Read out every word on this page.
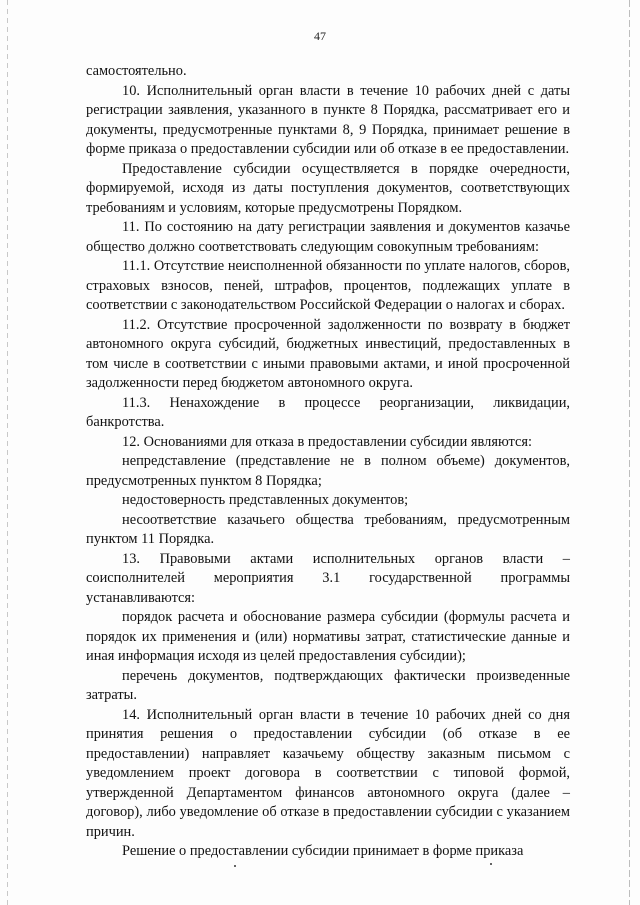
47

самостоятельно.

10. Исполнительный орган власти в течение 10 рабочих дней с даты регистрации заявления, указанного в пункте 8 Порядка, рассматривает его и документы, предусмотренные пунктами 8, 9 Порядка, принимает решение в форме приказа о предоставлении субсидии или об отказе в ее предоставлении.

Предоставление субсидии осуществляется в порядке очередности, формируемой, исходя из даты поступления документов, соответствующих требованиям и условиям, которые предусмотрены Порядком.

11. По состоянию на дату регистрации заявления и документов казачье общество должно соответствовать следующим совокупным требованиям:

11.1. Отсутствие неисполненной обязанности по уплате налогов, сборов, страховых взносов, пеней, штрафов, процентов, подлежащих уплате в соответствии с законодательством Российской Федерации о налогах и сборах.

11.2. Отсутствие просроченной задолженности по возврату в бюджет автономного округа субсидий, бюджетных инвестиций, предоставленных в том числе в соответствии с иными правовыми актами, и иной просроченной задолженности перед бюджетом автономного округа.

11.3. Ненахождение в процессе реорганизации, ликвидации, банкротства.

12. Основаниями для отказа в предоставлении субсидии являются:

непредставление (представление не в полном объеме) документов, предусмотренных пунктом 8 Порядка;

недостоверность представленных документов;

несоответствие казачьего общества требованиям, предусмотренным пунктом 11 Порядка.

13. Правовыми актами исполнительных органов власти – соисполнителей мероприятия 3.1 государственной программы устанавливаются:

порядок расчета и обоснование размера субсидии (формулы расчета и порядок их применения и (или) нормативы затрат, статистические данные и иная информация исходя из целей предоставления субсидии);

перечень документов, подтверждающих фактически произведенные затраты.

14. Исполнительный орган власти в течение 10 рабочих дней со дня принятия решения о предоставлении субсидии (об отказе в ее предоставлении) направляет казачьему обществу заказным письмом с уведомлением проект договора в соответствии с типовой формой, утвержденной Департаментом финансов автономного округа (далее – договор), либо уведомление об отказе в предоставлении субсидии с указанием причин.

Решение о предоставлении субсидии принимает в форме приказа
